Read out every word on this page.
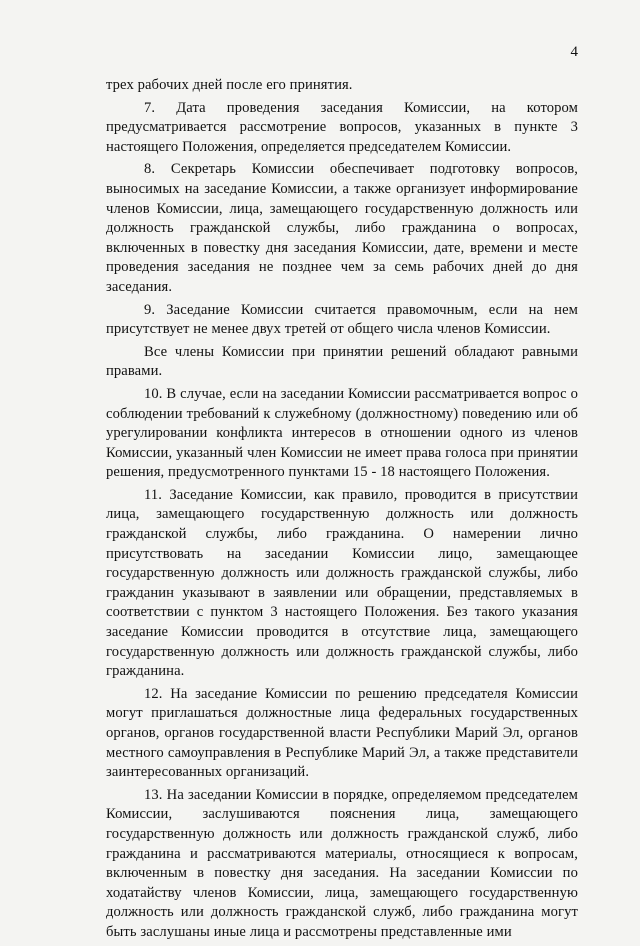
4

трех рабочих дней после его принятия.

7. Дата проведения заседания Комиссии, на котором предусматривается рассмотрение вопросов, указанных в пункте 3 настоящего Положения, определяется председателем Комиссии.

8. Секретарь Комиссии обеспечивает подготовку вопросов, выносимых на заседание Комиссии, а также организует информирование членов Комиссии, лица, замещающего государственную должность или должность гражданской службы, либо гражданина о вопросах, включенных в повестку дня заседания Комиссии, дате, времени и месте проведения заседания не позднее чем за семь рабочих дней до дня заседания.

9. Заседание Комиссии считается правомочным, если на нем присутствует не менее двух третей от общего числа членов Комиссии.

Все члены Комиссии при принятии решений обладают равными правами.

10. В случае, если на заседании Комиссии рассматривается вопрос о соблюдении требований к служебному (должностному) поведению или об урегулировании конфликта интересов в отношении одного из членов Комиссии, указанный член Комиссии не имеет права голоса при принятии решения, предусмотренного пунктами 15 - 18 настоящего Положения.

11. Заседание Комиссии, как правило, проводится в присутствии лица, замещающего государственную должность или должность гражданской службы, либо гражданина. О намерении лично присутствовать на заседании Комиссии лицо, замещающее государственную должность или должность гражданской службы, либо гражданин указывают в заявлении или обращении, представляемых в соответствии с пунктом 3 настоящего Положения. Без такого указания заседание Комиссии проводится в отсутствие лица, замещающего государственную должность или должность гражданской службы, либо гражданина.

12. На заседание Комиссии по решению председателя Комиссии могут приглашаться должностные лица федеральных государственных органов, органов государственной власти Республики Марий Эл, органов местного самоуправления в Республике Марий Эл, а также представители заинтересованных организаций.

13. На заседании Комиссии в порядке, определяемом председателем Комиссии, заслушиваются пояснения лица, замещающего государственную должность или должность гражданской служб, либо гражданина и рассматриваются материалы, относящиеся к вопросам, включенным в повестку дня заседания. На заседании Комиссии по ходатайству членов Комиссии, лица, замещающего государственную должность или должность гражданской служб, либо гражданина могут быть заслушаны иные лица и рассмотрены представленные ими
